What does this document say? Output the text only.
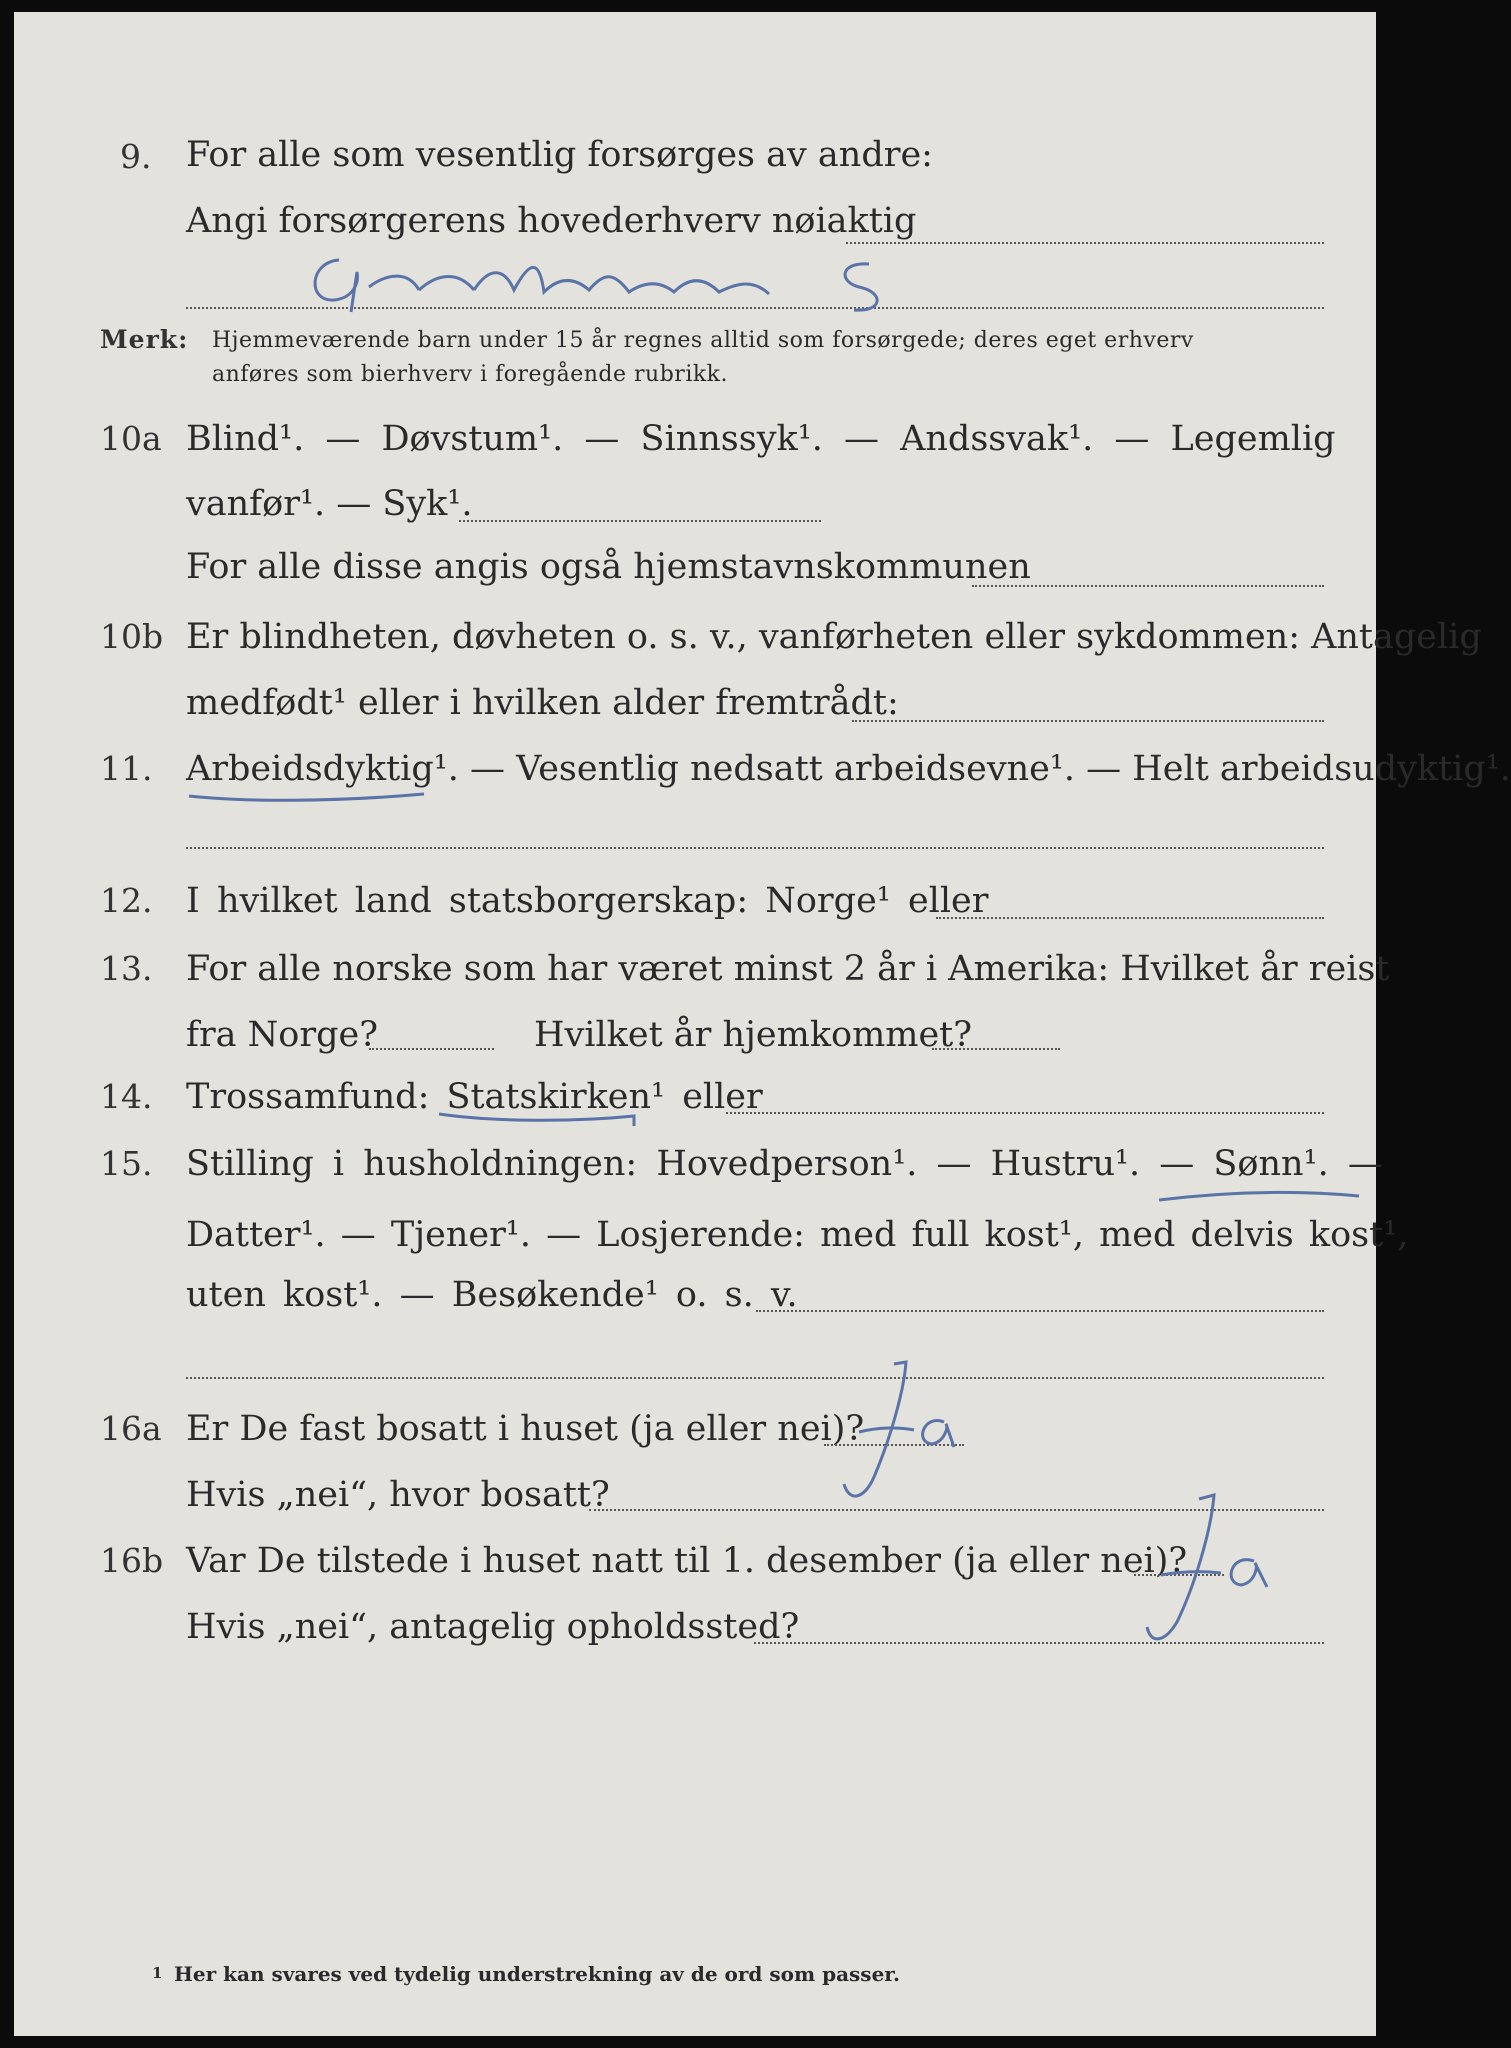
9. For alle som vesentlig forsørges av andre:
Angi forsørgerens hovederhverv nøiaktig
Gårdbruker S
Merk: Hjemmeværende barn under 15 år regnes alltid som forsørgede; deres eget erhverv
anføres som bierhverv i foregående rubrikk.
10a Blind¹. — Døvstum¹. — Sinnssyk¹. — Andssvak¹. — Legemlig
vanfør¹. — Syk¹.
For alle disse angis også hjemstavnskommunen
10b Er blindheten, døvheten o. s. v., vanførheten eller sykdommen: Antagelig
medfødt¹ eller i hvilken alder fremtrådt:
11. Arbeidsdyktig¹. — Vesentlig nedsatt arbeidsevne¹. — Helt arbeidsudyktig¹.
12. I hvilket land statsborgerskap: Norge¹ eller
13. For alle norske som har været minst 2 år i Amerika: Hvilket år reist
fra Norge?	Hvilket år hjemkommet?
14. Trossamfund: Statskirken¹ eller
15. Stilling i husholdningen: Hovedperson¹. — Hustru¹. — Sønn¹. —
Datter¹. — Tjener¹. — Losjerende: med full kost¹, med delvis kost¹,
uten kost¹. — Besøkende¹ o. s. v.
16a Er De fast bosatt i huset (ja eller nei)?
Ja
Hvis „nei“, hvor bosatt?
16b Var De tilstede i huset natt til 1. desember (ja eller nei)?
Ja
Hvis „nei“, antagelig opholdssted?
1 Her kan svares ved tydelig understrekning av de ord som passer.
